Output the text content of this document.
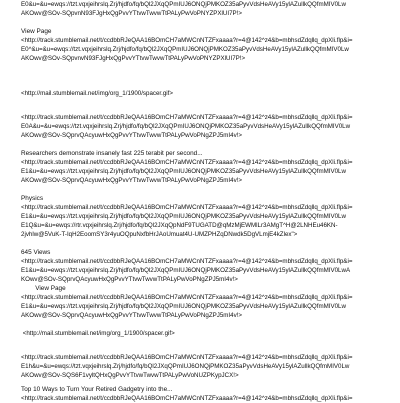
E0&u=&u=ewqs://tzt.vqxjeihrslq.Zrj/hjdfo/fq/bQl2JXqQPmIUJ6ONQjPMKOZ35aPyvVdsHeAVy15ylAZullkQQfmMIV0Lw
AKOwv@SOv-SQpvnN93FJgHxQgPvvYTtvwTwvwTtPALyPwVoPNYZPXlUI7P!>
View Page
<http://track.stumblemail.net/t/ccdbbRJeQAA16BOmCH7aMWCnNTZFxaaaa?r=4@142^z4&b=mbhsdZdqllq_dpXli.flp&i=
E0^&u=&u=ewqs://tzt.vqxjeihrslq.Zrj/hjdfo/fq/bQl2JXqQPmIUJ6ONQjPMKOZ35aPyvVdsHeAVy15ylAZullkQQfmMIV0Lw
AKOwv@SOv-SQpvnvN93FJgHxQgPvvYTtvwTwvwTtPALyPwVoPNYZPXlUI7P!>
<http://mail.stumblemail.net/img/org_1/1900/spacer.gif>
<http://track.stumblemail.net/t/ccdbbRJeQAA16BOmCH7aMWCnNTZFxaaaa?r=4@142^z4&b=mbhsdZdqllq_dpXli.flp&i=
E0A&u=&u=ewqs://tzt.vqxjeihrslq.Zrj/hjdfo/fq/bQl2JXqQPmIUJ6ONQjPMKOZ35aPyvVdsHeAVy15ylAZullkQQfmMIV0Lw
AKOwv@SOv-SQprvQAcyuwHxQgPvvYTtvwTwvwTtPALyPwVoPNgZPJ5mI4v!>
Researchers demonstrate insanely fast 225 terabit per second...
<http://track.stumblemail.net/t/ccdbbRJeQAA16BOmCH7aMWCnNTZFxaaaa?r=4@142^z4&b=mbhsdZdqllq_dpXli.flp&i=
E1&u=&u=ewqs://tzt.vqxjeihrslq.Zrj/hjdfo/fq/bQl2JXqQPmIUJ6ONQjPMKOZ35aPyvVdsHeAVy15ylAZullkQQfmMIV0Lw
AKOwv@SOv-SQprvQAcyuwHxQgPvvYTtvwTwvwTtPALyPwVoPNgZPJ5mI4v!>
Physics
<http://track.stumblemail.net/t/ccdbbRJeQAA16BOmCH7aMWCnNTZFxaaaa?r=4@142^z4&b=mbhsdZdqllq_dpXli.flp&i=
E1&u=&u=ewqs://tzt.vqxjeihrslq.Zrj/hjdfo/fq/bQl2JXqQPmIUJ6ONQjPMKOZ35aPyvVdsHeAVy15ylAZullkQQfmMIV0Lw
E1Q&u=&u=ewqs://rtr.vqxjeihrslq.Zrj/hjdfo/fq/bQl2JXqQpNdF9TUGATD@qMzMjEWMlLr3AMgT^H@2LNHEu46KN-
2jvhlw@5VuK-T-IqH2EoomSY3r4yuOQpuNxfbHrJAoUmuat4U-UMZPHZqDNwdk5DgVLmjE4kZlex">
645 Views
<http://track.stumblemail.net/t/ccdbbRJeQAA16BOmCH7aMWCnNTZFxaaaa?r=4@142^z4&b=mbhsdZdqllq_dpXli.flp&i=
E1&u=&u=ewqs://tzt.vqxjeihrslq.Zrj/hjdfo/fq/bQl2JXqQPmIUJ6ONQjPMKOZ35aPyvVdsHeAVy15ylAZullkQQfmMIV0LwA
KOwv@SOv-SQprvQAcyuwHxQgPvvYTtvwTwvwTtPALyPwVoPNgZPJ5mI4v!>
View Page
<http://track.stumblemail.net/t/ccdbbRJeQAA16BOmCH7aMWCnNTZFxaaaa?r=4@142^z4&b=mbhsdZdqllq_dpXli.flp&i=
E1&u=&u=ewqs://tzt.vqxjeihrslq.Zrj/hjdfo/fq/bQl2JXqQPmIUJ6ONQjPMKOZ35aPyvVdsHeAVy15ylAZullkQQfmMIV0Lw
AKOwv@SOv-SQprvQAcyuwHxQgPvvYTtvwTwvwTtPALyPwVoPNgZPJ5mI4v!>
<http://mail.stumblemail.net/img/org_1/1900/spacer.gif>
<http://track.stumblemail.net/t/ccdbbRJeQAA16BOmCH7aMWCnNTZFxaaaa?r=4@142^z4&b=mbhsdZdqllq_dpXli.flp&i=
E1h&u=&u=ewqs://tzt.vqxjeihrslq.Zrj/hjdfo/fq/bQl2JXqQPmIUJ6ONQjPMKOZ35aPyvVdsHeAVy15ylAZullkQQfmMIV0Lw
AKOwv@SOv-SQS6F1vyltQHxQgPvvYTtvwTwvwTtPALyPwVoNUZPKypJCX!>
Top 10 Ways to Turn Your Retired Gadgetry into the...
<http://track.stumblemail.net/t/ccdbbRJeQAA16BOmCH7aMWCnNTZFxaaaa?r=4@142^z4&b=mbhsdZdqllq_dpXli.flp&i=
